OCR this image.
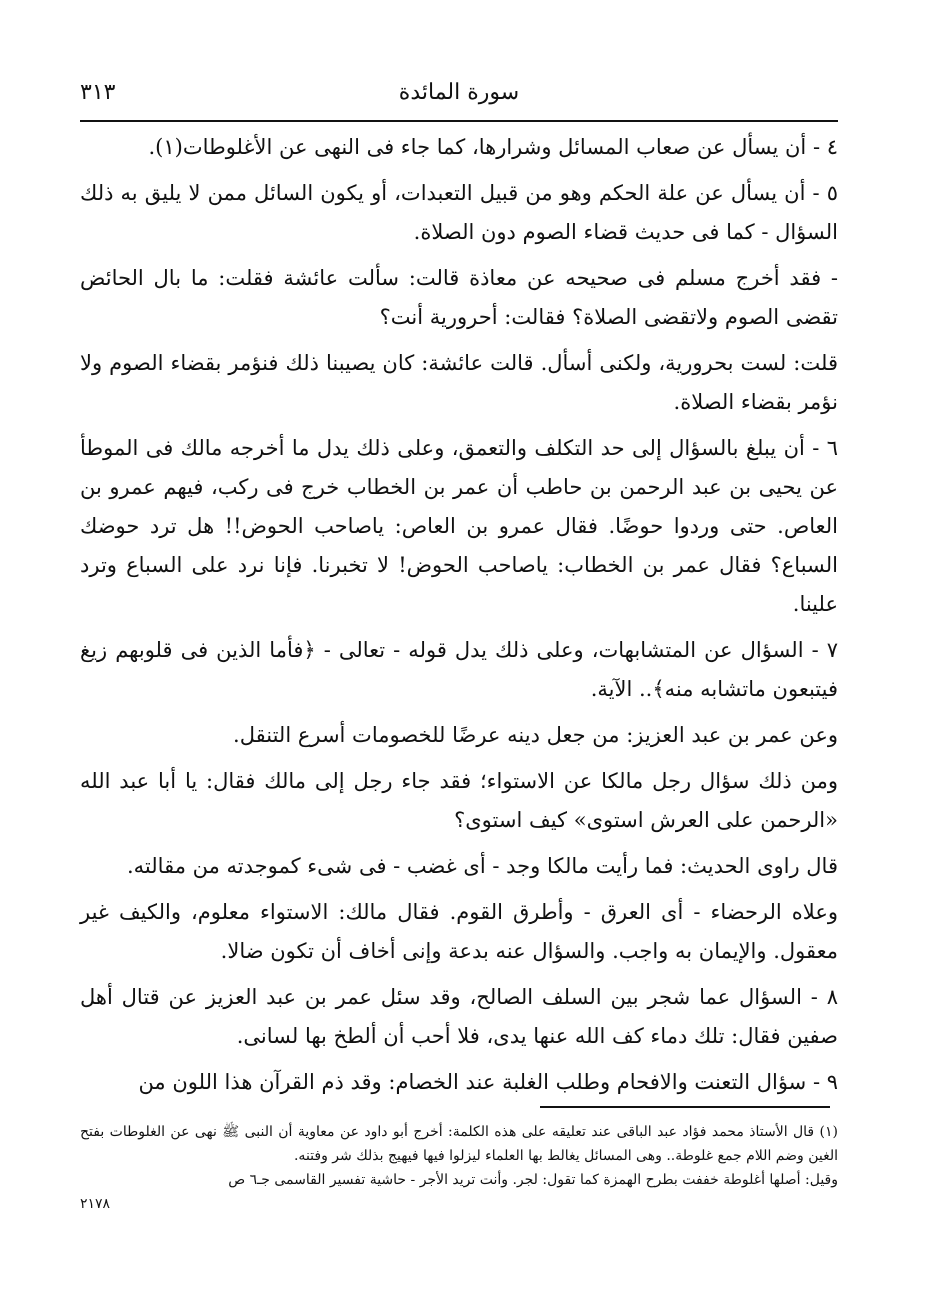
سورة المائدة
٣١٣

٤ - أن يسأل عن صعاب المسائل وشرارها، كما جاء فى النهى عن الأغلوطات(١).

٥ - أن يسأل عن علة الحكم وهو من قبيل التعبدات، أو يكون السائل ممن لا يليق به ذلك السؤال - كما فى حديث قضاء الصوم دون الصلاة.

- فقد أخرج مسلم فى صحيحه عن معاذة قالت: سألت عائشة فقلت: ما بال الحائض تقضى الصوم ولاتقضى الصلاة؟ فقالت: أحرورية أنت؟

قلت: لست بحرورية، ولكنى أسأل. قالت عائشة: كان يصيبنا ذلك فنؤمر بقضاء الصوم ولا نؤمر بقضاء الصلاة.

٦ - أن يبلغ بالسؤال إلى حد التكلف والتعمق، وعلى ذلك يدل ما أخرجه مالك فى الموطأ عن يحيى بن عبد الرحمن بن حاطب أن عمر بن الخطاب خرج فى ركب، فيهم عمرو بن العاص. حتى وردوا حوضًا. فقال عمرو بن العاص: ياصاحب الحوض!! هل ترد حوضك السباع؟ فقال عمر بن الخطاب: ياصاحب الحوض! لا تخبرنا. فإنا نرد على السباع وترد علينا.

٧ - السؤال عن المتشابهات، وعلى ذلك يدل قوله - تعالى - ﴿فأما الذين فى قلوبهم زيغ فيتبعون ماتشابه منه﴾.. الآية.

وعن عمر بن عبد العزيز: من جعل دينه عرضًا للخصومات أسرع التنقل.

ومن ذلك سؤال رجل مالكا عن الاستواء؛ فقد جاء رجل إلى مالك فقال: يا أبا عبد الله «الرحمن على العرش استوى» كيف استوى؟

قال راوى الحديث: فما رأيت مالكا وجد - أى غضب - فى شىء كموجدته من مقالته.

وعلاه الرحضاء - أى العرق - وأطرق القوم. فقال مالك: الاستواء معلوم، والكيف غير معقول. والإيمان به واجب. والسؤال عنه بدعة وإنى أخاف أن تكون ضالا.

٨ - السؤال عما شجر بين السلف الصالح، وقد سئل عمر بن عبد العزيز عن قتال أهل صفين فقال: تلك دماء كف الله عنها يدى، فلا أحب أن ألطخ بها لسانى.

٩ - سؤال التعنت والافحام وطلب الغلبة عند الخصام: وقد ذم القرآن هذا اللون من

(١) قال الأستاذ محمد فؤاد عبد الباقى عند تعليقه على هذه الكلمة: أخرج أبو داود عن معاوية أن النبى ﷺ نهى عن الغلوطات بفتح الغين وضم اللام جمع غلوطة.. وهى المسائل يغالط بها العلماء ليزلوا فيها فيهيج بذلك شر وفتنه.

وقيل: أصلها أغلوطة خففت بطرح الهمزة كما تقول: لجر. وأنت تريد الأجر - حاشية تفسير القاسمى جـ٦ ص

٢١٧٨
